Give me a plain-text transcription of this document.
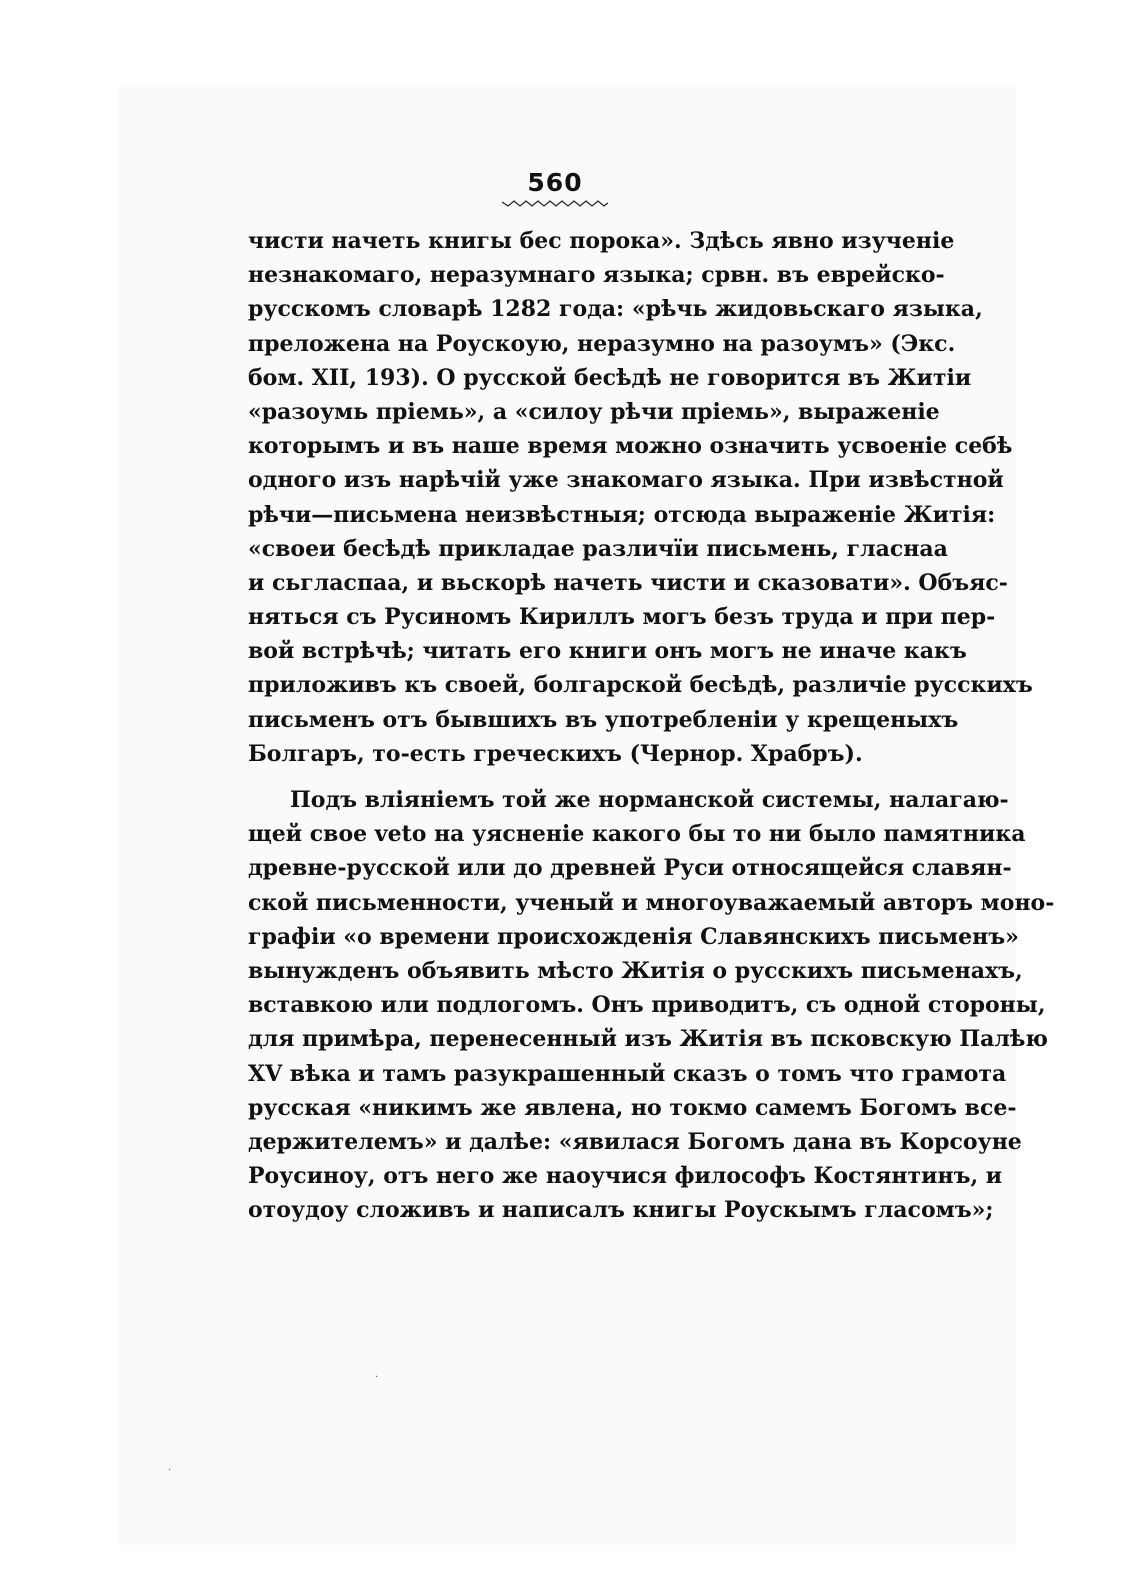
560
чисти начеть книгы бес порока». Здѣсь явно изученіе
незнакомаго, неразумнаго языка; срвн. въ еврейско-
русскомъ словарѣ 1282 года: «рѣчь жидовьскаго языка,
преложена на Роускоую, неразумно на разоумъ» (Экс.
бом. XII, 193). О русской бесѣдѣ не говорится въ Житіи
«разоумь пріемь», а «силоу рѣчи пріемь», выраженіе
которымъ и въ наше время можно означить усвоеніе себѣ
одного изъ нарѣчій уже знакомаго языка. При извѣстной
рѣчи—письмена неизвѣстныя; отсюда выраженіе Житія:
«своеи бесѣдѣ прикладае различїи письмень, гласнаа
и сьгласпаа, и вьскорѣ начеть чисти и сказовати». Объяс-
няться съ Русиномъ Кириллъ могъ безъ труда и при пер-
вой встрѣчѣ; читать его книги онъ могъ не иначе какъ
приложивъ къ своей, болгарской бесѣдѣ, различіе русскихъ
письменъ отъ бывшихъ въ употребленіи у крещеныхъ
Болгаръ, то-есть греческихъ (Чернор. Храбръ).
Подъ вліяніемъ той же норманской системы, налагаю-
щей свое veto на уясненіе какого бы то ни было памятника
древне-русской или до древней Руси относящейся славян-
ской письменности, ученый и многоуважаемый авторъ моно-
графіи «о времени происхожденія Славянскихъ письменъ»
вынужденъ объявить мѣсто Житія о русскихъ письменахъ,
вставкою или подлогомъ. Онъ приводитъ, съ одной стороны,
для примѣра, перенесенный изъ Житія въ псковскую Палѣю
XV вѣка и тамъ разукрашенный сказъ о томъ что грамота
русская «никимъ же явлена, но токмо самемъ Богомъ все-
держителемъ» и далѣе: «явилася Богомъ дана въ Корсоуне
Роусиноу, отъ него же наоучися философъ Костянтинъ, и
отоудоу сложивъ и написалъ книгы Роускымъ гласомъ»;
·
·
